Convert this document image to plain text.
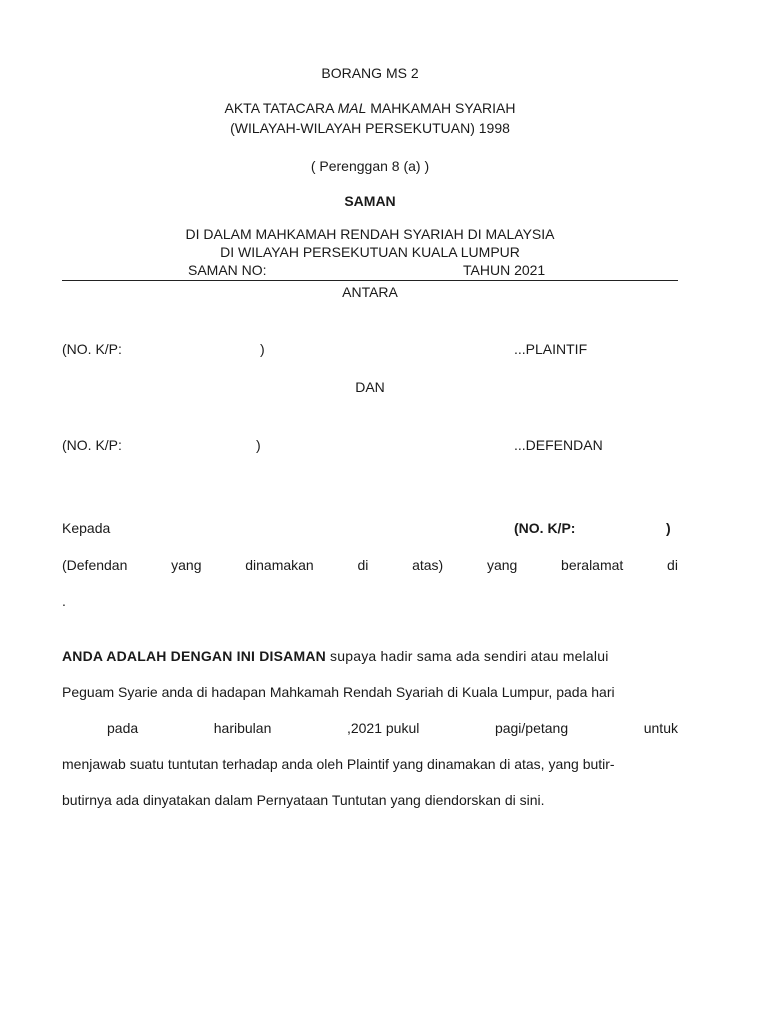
BORANG MS 2
AKTA TATACARA MAL MAHKAMAH SYARIAH
(WILAYAH-WILAYAH PERSEKUTUAN) 1998
( Perenggan 8 (a) )
SAMAN
DI DALAM MAHKAMAH RENDAH SYARIAH DI MALAYSIA
DI WILAYAH PERSEKUTUAN KUALA LUMPUR
SAMAN NO:	TAHUN 2021
ANTARA
(NO. K/P:	)	...PLAINTIF
DAN
(NO. K/P:	)	...DEFENDAN
Kepada	(NO. K/P:	)
(Defendan	yang	dinamakan	di	atas)	yang	beralamat	di
.
ANDA ADALAH DENGAN INI DISAMAN supaya hadir sama ada sendiri atau melalui
Peguam Syarie anda di hadapan Mahkamah Rendah Syariah di Kuala Lumpur, pada hari
pada	haribulan	,2021 pukul	pagi/petang	untuk
menjawab suatu tuntutan terhadap anda oleh Plaintif yang dinamakan di atas, yang butir-
butirnya ada dinyatakan dalam Pernyataan Tuntutan yang diendorskan di sini.
